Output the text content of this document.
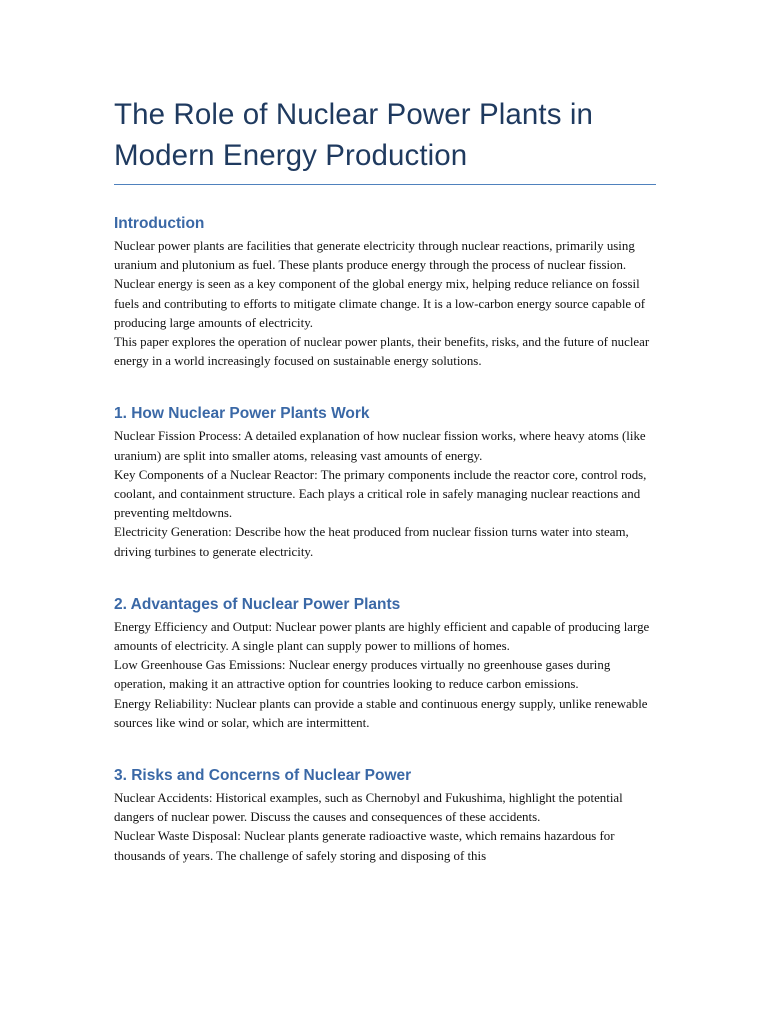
The Role of Nuclear Power Plants in Modern Energy Production
Introduction

Nuclear power plants are facilities that generate electricity through nuclear reactions, primarily using uranium and plutonium as fuel. These plants produce energy through the process of nuclear fission.

Nuclear energy is seen as a key component of the global energy mix, helping reduce reliance on fossil fuels and contributing to efforts to mitigate climate change. It is a low-carbon energy source capable of producing large amounts of electricity.

This paper explores the operation of nuclear power plants, their benefits, risks, and the future of nuclear energy in a world increasingly focused on sustainable energy solutions.

1. How Nuclear Power Plants Work

Nuclear Fission Process: A detailed explanation of how nuclear fission works, where heavy atoms (like uranium) are split into smaller atoms, releasing vast amounts of energy.

Key Components of a Nuclear Reactor: The primary components include the reactor core, control rods, coolant, and containment structure. Each plays a critical role in safely managing nuclear reactions and preventing meltdowns.

Electricity Generation: Describe how the heat produced from nuclear fission turns water into steam, driving turbines to generate electricity.

2. Advantages of Nuclear Power Plants

Energy Efficiency and Output: Nuclear power plants are highly efficient and capable of producing large amounts of electricity. A single plant can supply power to millions of homes.

Low Greenhouse Gas Emissions: Nuclear energy produces virtually no greenhouse gases during operation, making it an attractive option for countries looking to reduce carbon emissions.

Energy Reliability: Nuclear plants can provide a stable and continuous energy supply, unlike renewable sources like wind or solar, which are intermittent.

3. Risks and Concerns of Nuclear Power

Nuclear Accidents: Historical examples, such as Chernobyl and Fukushima, highlight the potential dangers of nuclear power. Discuss the causes and consequences of these accidents.

Nuclear Waste Disposal: Nuclear plants generate radioactive waste, which remains hazardous for thousands of years. The challenge of safely storing and disposing of this
